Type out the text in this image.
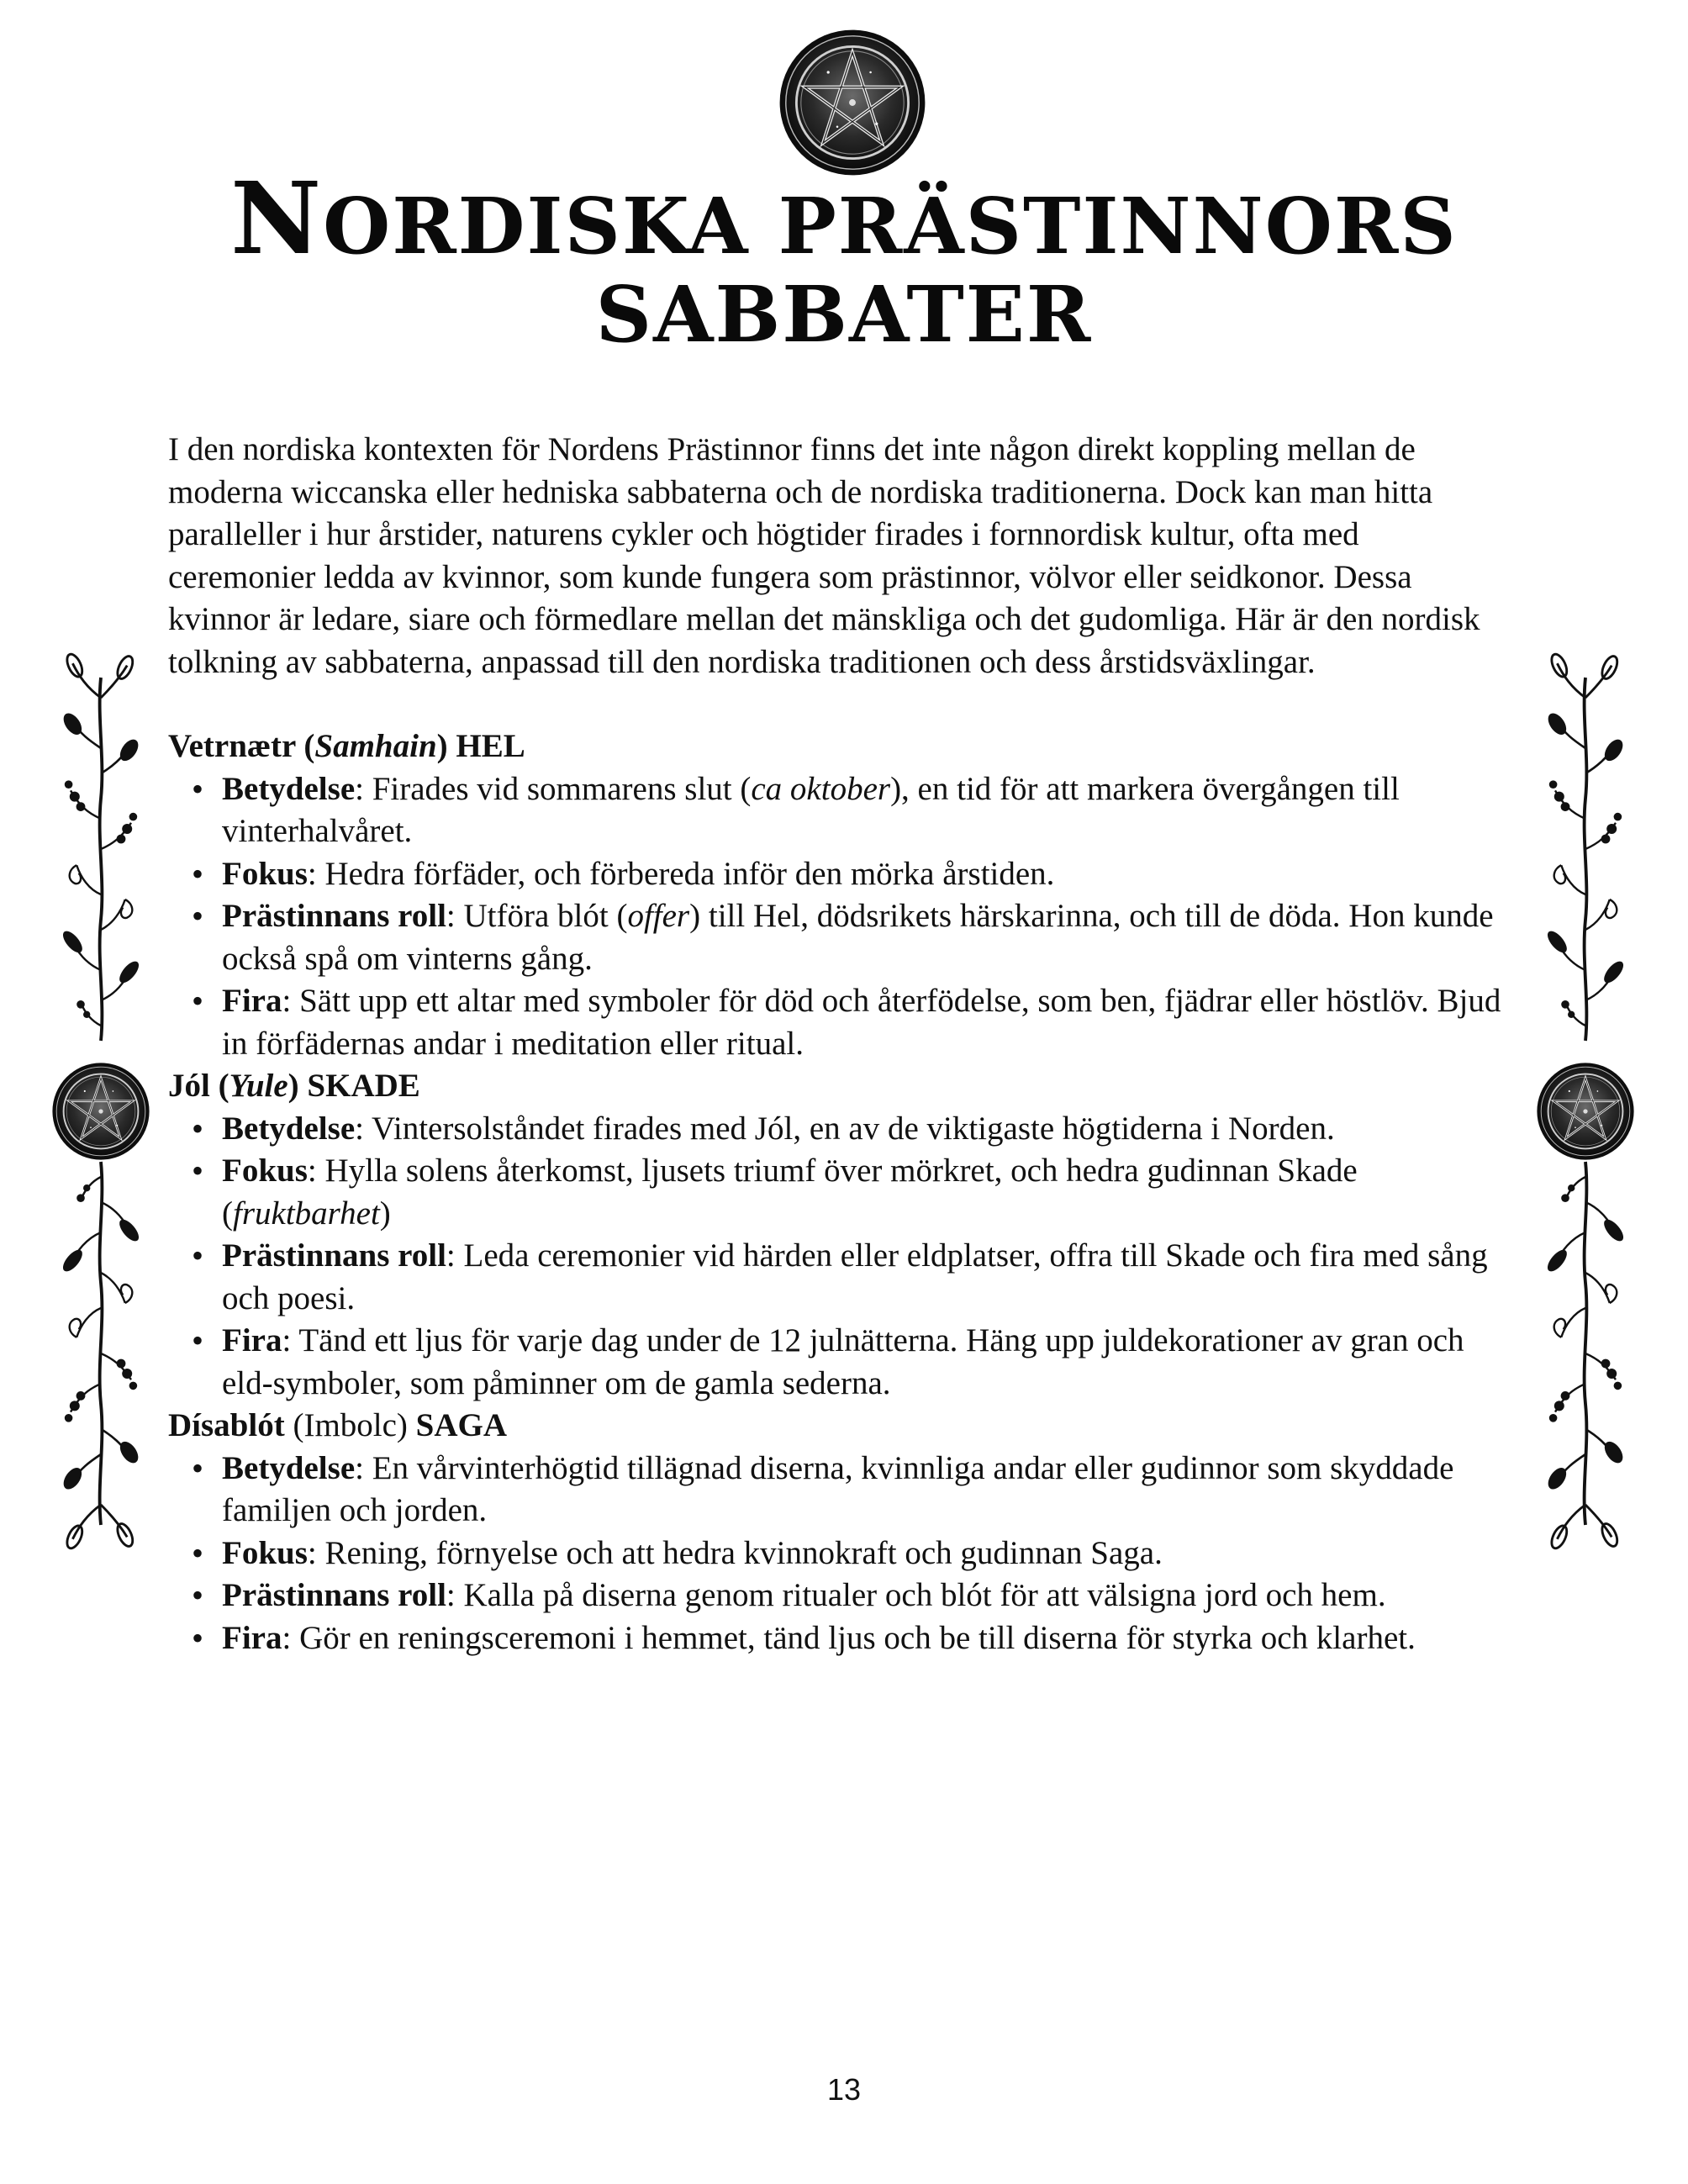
NORDISKA PRÄSTINNORS
SABBATER

I den nordiska kontexten för Nordens Prästinnor finns det inte någon direkt koppling mellan de moderna wiccanska eller hedniska sabbaterna och de nordiska traditionerna. Dock kan man hitta paralleller i hur årstider, naturens cykler och högtider firades i fornnordisk kultur, ofta med ceremonier ledda av kvinnor, som kunde fungera som prästinnor, völvor eller seidkonor. Dessa kvinnor är ledare, siare och förmedlare mellan det mänskliga och det gudomliga. Här är den nordisk tolkning av sabbaterna, anpassad till den nordiska traditionen och dess årstidsväxlingar.

Vetrnætr (Samhain) HEL

• Betydelse: Firades vid sommarens slut (ca oktober), en tid för att markera övergången till vinterhalvåret.
• Fokus: Hedra förfäder, och förbereda inför den mörka årstiden.
• Prästinnans roll: Utföra blót (offer) till Hel, dödsrikets härskarinna, och till de döda. Hon kunde också spå om vinterns gång.
• Fira: Sätt upp ett altar med symboler för död och återfödelse, som ben, fjädrar eller höstlöv. Bjud in förfädernas andar i meditation eller ritual.

Jól (Yule) SKADE

• Betydelse: Vintersolståndet firades med Jól, en av de viktigaste högtiderna i Norden.
• Fokus: Hylla solens återkomst, ljusets triumf över mörkret, och hedra gudinnan Skade (fruktbarhet)
• Prästinnans roll: Leda ceremonier vid härden eller eldplatser, offra till Skade och fira med sång och poesi.
• Fira: Tänd ett ljus för varje dag under de 12 julnätterna. Häng upp juldekorationer av gran och eld-symboler, som påminner om de gamla sederna.

Dísablót (Imbolc) SAGA

• Betydelse: En vårvinterhögtid tillägnad diserna, kvinnliga andar eller gudinnor som skyddade familjen och jorden.
• Fokus: Rening, förnyelse och att hedra kvinnokraft och gudinnan Saga.
• Prästinnans roll: Kalla på diserna genom ritualer och blót för att välsigna jord och hem.
• Fira: Gör en reningsceremoni i hemmet, tänd ljus och be till diserna för styrka och klarhet.
13
